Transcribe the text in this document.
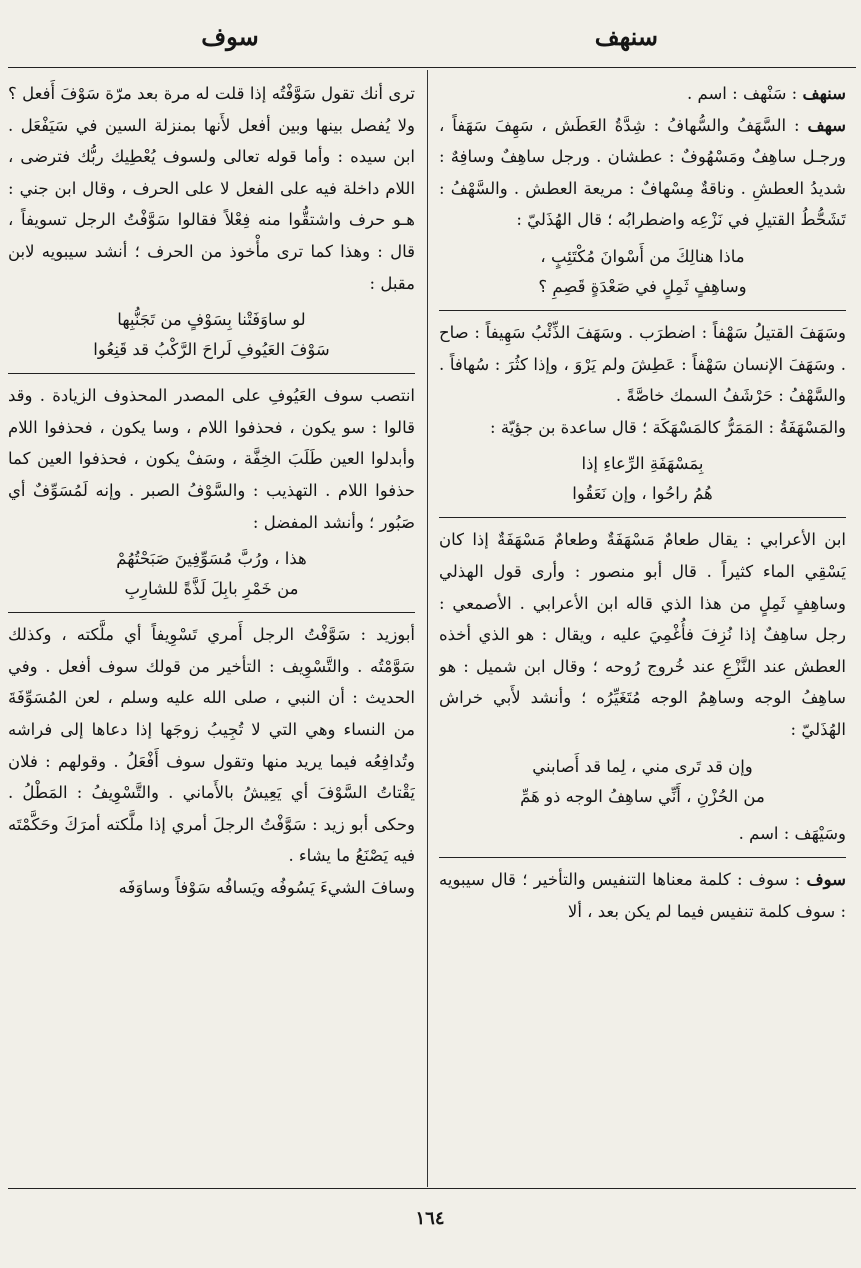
سنهف
سوف

سنهف : سَنْهف : اسم .

سهف : السَّهَفُ والسُّهافُ : شِدَّةُ العَطَش ، سَهِفَ سَهَفاً ، ورجـل ساهِفٌ ومَسْهُوفٌ : عطشان . ورجل ساهِفٌ وسافِهٌ : شديدُ العطشِ . وناقةٌ مِسْهافٌ : مريعة العطش . والسَّهْفُ : تَشَحُّطُ القتيلِ في نَزْعِه واضطرابُه ؛ قال الهُذَليّ :

ماذا هنالِكَ من أَسْوانَ مُكْتَئِبٍ ،
وساهِفٍ ثَمِلٍ في صَعْدَةٍ قَصِمِ ؟

وسَهَفَ القتيلُ سَهْفاً : اضطرَب . وسَهَفَ الذِّئْبُ سَهِيفاً : صاح . وسَهَفَ الإنسان سَهْفاً : عَطِشَ ولم يَرْوَ ، وإذا كثُرَ : سُهافاً . والسَّهْفُ : حَرْشَفُ السمك خاصَّةً .

والمَسْهَفَةُ : المَمَرُّ كالمَسْهَكَة ؛ قال ساعدة بن جؤيّة :

بِمَسْهَفَةِ الرِّعاءِ إذا
هُمُ راحُوا ، وإن نَعَقُوا

ابن الأعرابي : يقال طعامٌ مَسْهَفَةٌ وطعامٌ مَسْهَفَةٌ إذا كان يَسْقِي الماء كثيراً . قال أبو منصور : وأرى قول الهذلي وساهِفٍ ثَمِلٍ من هذا الذي قاله ابن الأعرابي . الأصمعي : رجل ساهِفٌ إذا نُزِفَ فأُغْمِيَ عليه ، ويقال : هو الذي أخذه العطش عند النَّزْعِ عند خُروج رُوحه ؛ وقال ابن شميل : هو ساهِفُ الوجه وساهِمُ الوجه مُتَغَيِّرُه ؛ وأنشد لأَبي خراش الهُذَليّ :

وإن قد تَرى مني ، لِما قد أَصابني
من الحُزْنِ ، أَنِّي ساهِفُ الوجه ذو هَمِّ

وسَيْهَف : اسم .

سوف : سوف : كلمة معناها التنفيس والتأخير ؛ قال سيبويه : سوف كلمة تنفيس فيما لم يكن بعد ، ألا

ترى أنك تقول سَوَّفْتُه إذا قلت له مرة بعد مرّة سَوْفَ أَفعل ؟ ولا يُفصل بينها وبين أفعل لأَنها بمنزلة السين في سَيَفْعَل . ابن سيده : وأما قوله تعالى ولسوف يُعْطِيك ربُّك فترضى ، اللام داخلة فيه على الفعل لا على الحرف ، وقال ابن جني : هـو حرف واشتقُّوا منه فِعْلاً فقالوا سَوَّفْتُ الرجل تسويفاً ، قال : وهذا كما ترى مأْخوذ من الحرف ؛ أنشد سيبويه لابن مقبل :

لو ساوَفَتْنا بِسَوْفٍ من تَجَنُّبِها
سَوْفَ العَيُوفِ لَراحَ الرَّكْبُ قد قَنِعُوا

انتصب سوف العَيُوفِ على المصدر المحذوف الزيادة . وقد قالوا : سو يكون ، فحذفوا اللام ، وسا يكون ، فحذفوا اللام وأبدلوا العين طَلَبَ الخِفَّة ، وسَفْ يكون ، فحذفوا العين كما حذفوا اللام . التهذيب : والسَّوْفُ الصبر . وإنه لَمُسَوِّفٌ أي صَبُور ؛ وأنشد المفضل :

هذا ، ورُبَّ مُسَوِّفِينَ صَبَحْتُهُمْ
من خَمْرِ بابِلَ لَذَّةً للشارِبِ

أبوزيد : سَوَّفْتُ الرجل أَمري تَسْوِيفاً أي ملَّكته ، وكذلك سَوَّمْتُه . والتَّسْوِيف : التأخير من قولك سوف أفعل . وفي الحديث : أن النبي ، صلى الله عليه وسلم ، لعن المُسَوِّفَةَ من النساء وهي التي لا تُجِيبُ زوجَها إذا دعاها إلى فراشه وتُدافِعُه فيما يريد منها وتقول سوف أَفْعَلُ . وقولهم : فلان يَقْتاتُ السَّوْفَ أي يَعِيشُ بالأَماني . والتَّسْوِيفُ : المَطْلُ . وحكى أبو زيد : سَوَّفْتُ الرجلَ أمري إذا ملَّكته أمرَكَ وحَكَّمْتَه فيه يَصْنَعُ ما يشاء .

وسافَ الشيءَ يَسُوفُه ويَسافُه سَوْفاً وساوَفَه

١٦٤
